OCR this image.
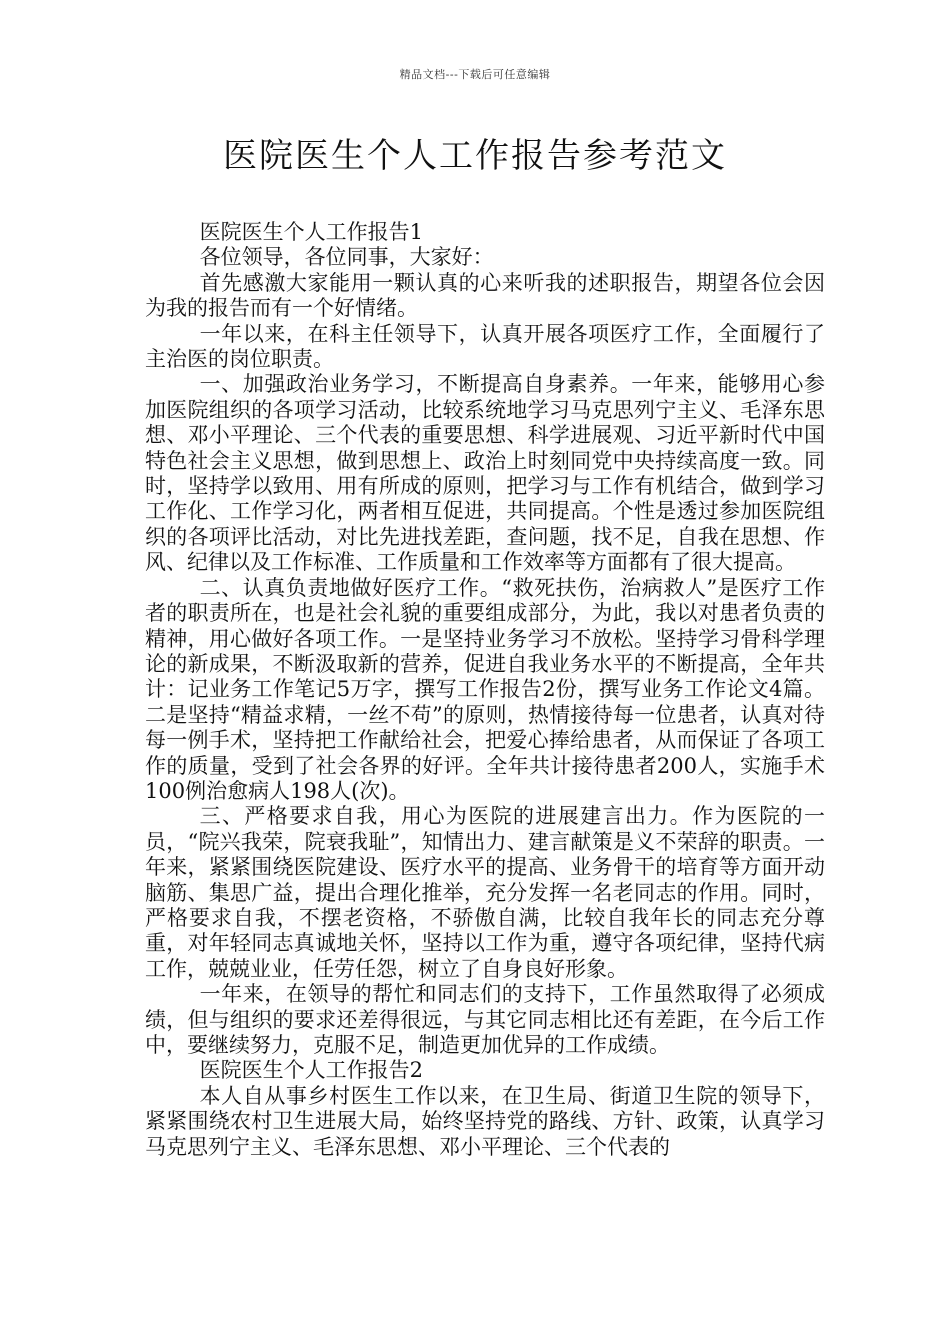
精品文档---下载后可任意编辑
医院医生个人工作报告参考范文

医院医生个人工作报告1

各位领导，各位同事，大家好：

首先感激大家能用一颗认真的心来听我的述职报告，期望各位会因为我的报告而有一个好情绪。

一年以来，在科主任领导下，认真开展各项医疗工作，全面履行了主治医的岗位职责。

一、加强政治业务学习，不断提高自身素养。一年来，能够用心参加医院组织的各项学习活动，比较系统地学习马克思列宁主义、毛泽东思想、邓小平理论、三个代表的重要思想、科学进展观、习近平新时代中国特色社会主义思想，做到思想上、政治上时刻同党中央持续高度一致。同时，坚持学以致用、用有所成的原则，把学习与工作有机结合，做到学习工作化、工作学习化，两者相互促进，共同提高。个性是透过参加医院组织的各项评比活动，对比先进找差距，查问题，找不足，自我在思想、作风、纪律以及工作标准、工作质量和工作效率等方面都有了很大提高。

二、认真负责地做好医疗工作。“救死扶伤，治病救人”是医疗工作者的职责所在，也是社会礼貌的重要组成部分，为此，我以对患者负责的精神，用心做好各项工作。一是坚持业务学习不放松。坚持学习骨科学理论的新成果，不断汲取新的营养，促进自我业务水平的不断提高，全年共计：记业务工作笔记5万字，撰写工作报告2份，撰写业务工作论文4篇。二是坚持“精益求精，一丝不苟”的原则，热情接待每一位患者，认真对待每一例手术，坚持把工作献给社会，把爱心捧给患者，从而保证了各项工作的质量，受到了社会各界的好评。全年共计接待患者200人，实施手术100例治愈病人198人(次)。

三、严格要求自我，用心为医院的进展建言出力。作为医院的一员，“院兴我荣，院衰我耻”，知情出力、建言献策是义不荣辞的职责。一年来，紧紧围绕医院建设、医疗水平的提高、业务骨干的培育等方面开动脑筋、集思广益，提出合理化推举，充分发挥一名老同志的作用。同时，严格要求自我，不摆老资格，不骄傲自满，比较自我年长的同志充分尊重，对年轻同志真诚地关怀，坚持以工作为重，遵守各项纪律，坚持代病工作，兢兢业业，任劳任怨，树立了自身良好形象。

一年来，在领导的帮忙和同志们的支持下，工作虽然取得了必须成绩，但与组织的要求还差得很远，与其它同志相比还有差距，在今后工作中，要继续努力，克服不足，制造更加优异的工作成绩。

医院医生个人工作报告2

本人自从事乡村医生工作以来，在卫生局、街道卫生院的领导下，紧紧围绕农村卫生进展大局，始终坚持党的路线、方针、政策，认真学习马克思列宁主义、毛泽东思想、邓小平理论、三个代表的
